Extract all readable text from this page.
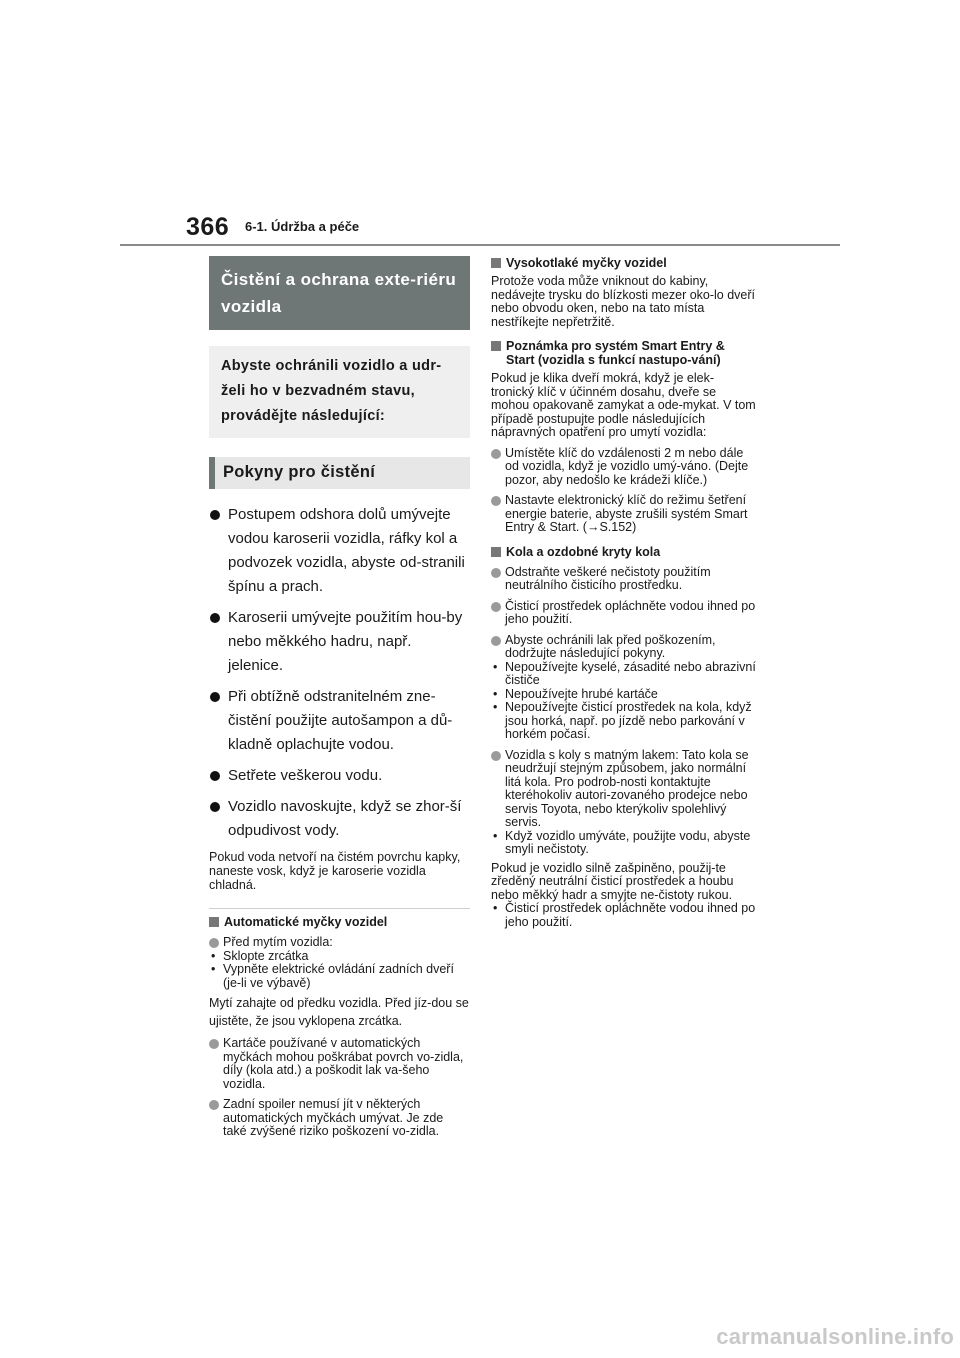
366 6-1. Údržba a péče
Čistění a ochrana exte-riéru vozidla
Abyste ochránili vozidlo a udr-želi ho v bezvadném stavu, provádějte následující:
Pokyny pro čistění
Postupem odshora dolů umývejte vodou karoserii vozidla, ráfky kol a podvozek vozidla, abyste od-stranili špínu a prach.
Karoserii umývejte použitím hou-by nebo měkkého hadru, např. jelenice.
Při obtížně odstranitelném zne-čistění použijte autošampon a dů-kladně oplachujte vodou.
Setřete veškerou vodu.
Vozidlo navoskujte, když se zhor-ší odpudivost vody.
Pokud voda netvoří na čistém povrchu kapky, naneste vosk, když je karoserie vozidla chladná.
Automatické myčky vozidel
Před mytím vozidla:
• Sklopte zrcátka
• Vypněte elektrické ovládání zadních dveří (je-li ve výbavě)
Mytí zahajte od předku vozidla. Před jíz-dou se ujistěte, že jsou vyklopena zrcátka.
Kartáče používané v automatických myčkách mohou poškrábat povrch vo-zidla, díly (kola atd.) a poškodit lak va-šeho vozidla.
Zadní spoiler nemusí jít v některých automatických myčkách umývat. Je zde také zvýšené riziko poškození vo-zidla.
Vysokotlaké myčky vozidel
Protože voda může vniknout do kabiny, nedávejte trysku do blízkosti mezer oko-lo dveří nebo obvodu oken, nebo na tato místa nestříkejte nepřetržitě.
Poznámka pro systém Smart Entry & Start (vozidla s funkcí nastupo-vání)
Pokud je klika dveří mokrá, když je elek-tronický klíč v účinném dosahu, dveře se mohou opakovaně zamykat a ode-mykat. V tom případě postupujte podle následujících nápravných opatření pro umytí vozidla:
Umístěte klíč do vzdálenosti 2 m nebo dále od vozidla, když je vozidlo umý-váno. (Dejte pozor, aby nedošlo ke krádeži klíče.)
Nastavte elektronický klíč do režimu šetření energie baterie, abyste zrušili systém Smart Entry & Start. (→S.152)
Kola a ozdobné kryty kola
Odstraňte veškeré nečistoty použitím neutrálního čisticího prostředku.
Čisticí prostředek opláchněte vodou ihned po jeho použití.
Abyste ochránili lak před poškozením, dodržujte následující pokyny.
• Nepoužívejte kyselé, zásadité nebo abrazivní čističe
• Nepoužívejte hrubé kartáče
• Nepoužívejte čisticí prostředek na kola, když jsou horká, např. po jízdě nebo parkování v horkém počasí.
Vozidla s koly s matným lakem: Tato kola se neudržují stejným způsobem, jako normální litá kola. Pro podrob-nosti kontaktujte kteréhokoliv autori-zovaného prodejce nebo servis Toyota, nebo kterýkoliv spolehlivý servis.
• Když vozidlo umýváte, použijte vodu, abyste smyli nečistoty.
Pokud je vozidlo silně zašpiněno, použij-te zředěný neutrální čisticí prostředek a houbu nebo měkký hadr a smyjte ne-čistoty rukou.
• Čisticí prostředek opláchněte vodou ihned po jeho použití.
carmanualsonline.info
